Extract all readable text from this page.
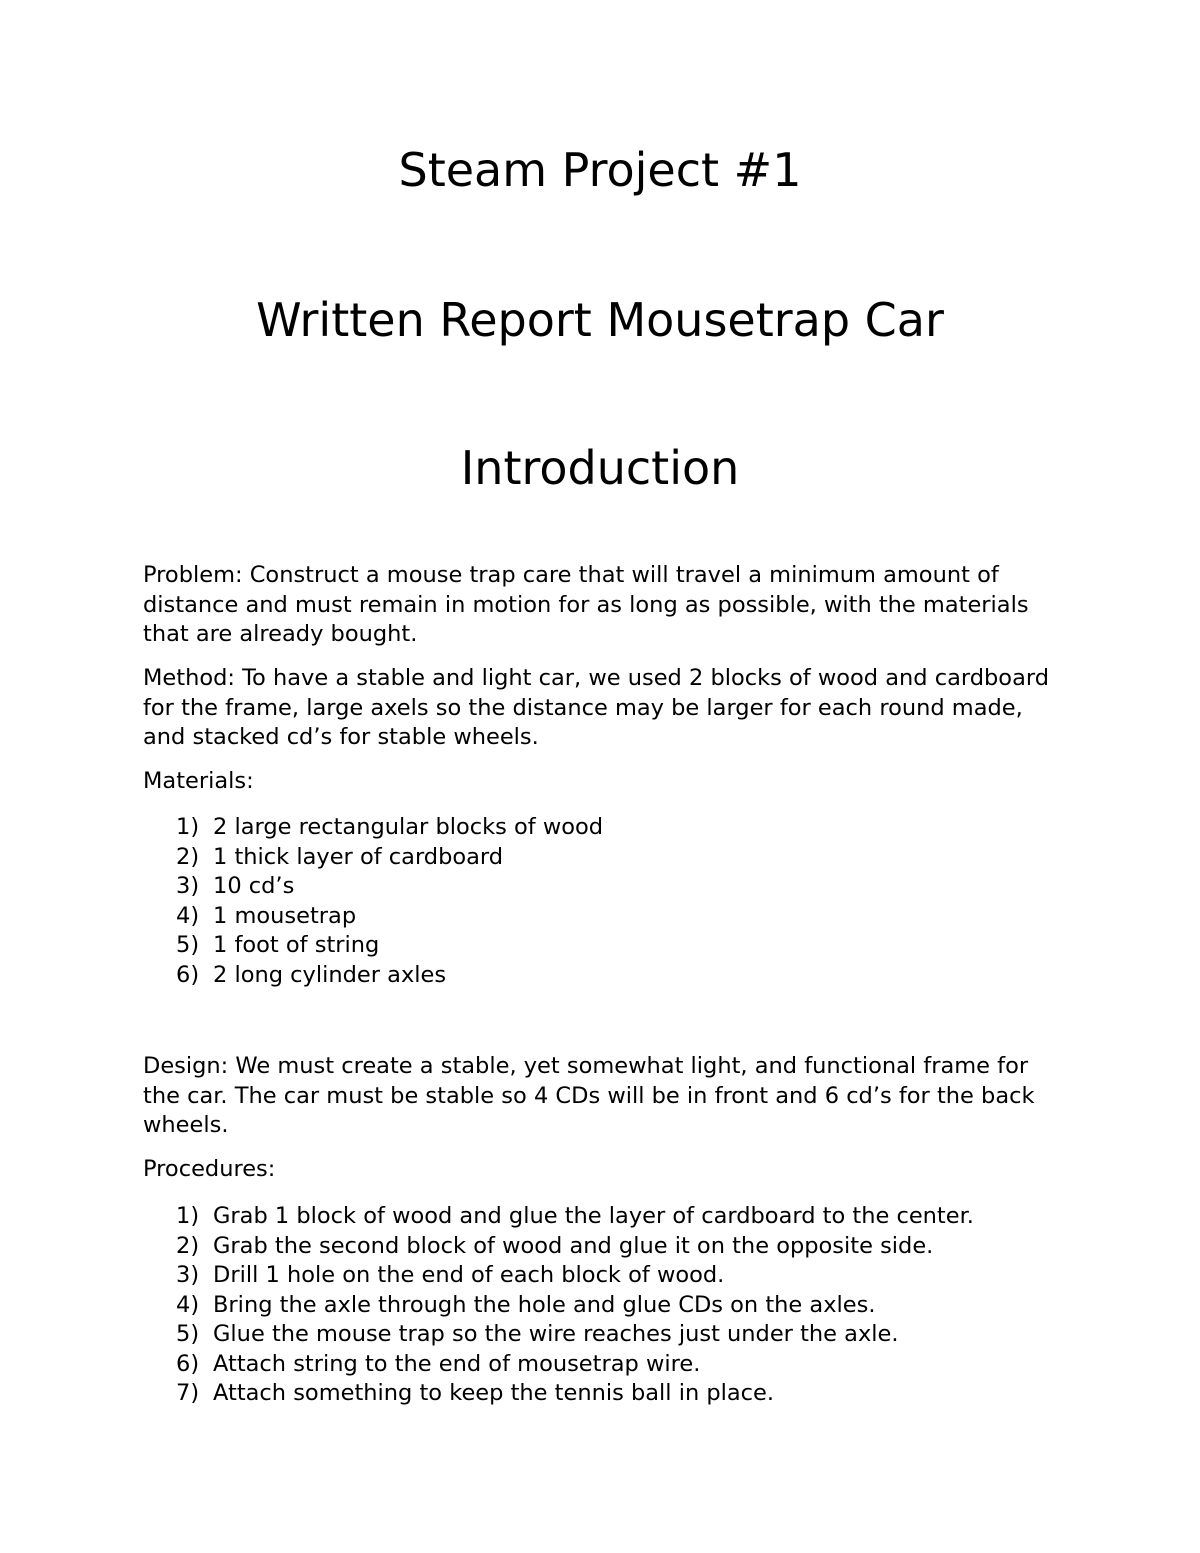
Steam Project #1
Written Report Mousetrap Car
Introduction

Problem: Construct a mouse trap care that will travel a minimum amount of distance and must remain in motion for as long as possible, with the materials that are already bought.

Method: To have a stable and light car, we used 2 blocks of wood and cardboard for the frame, large axels so the distance may be larger for each round made, and stacked cd’s for stable wheels.

Materials:

1) 2 large rectangular blocks of wood
2) 1 thick layer of cardboard
3) 10 cd’s
4) 1 mousetrap
5) 1 foot of string
6) 2 long cylinder axles

Design: We must create a stable, yet somewhat light, and functional frame for the car. The car must be stable so 4 CDs will be in front and 6 cd’s for the back wheels.

Procedures:

1) Grab 1 block of wood and glue the layer of cardboard to the center.
2) Grab the second block of wood and glue it on the opposite side.
3) Drill 1 hole on the end of each block of wood.
4) Bring the axle through the hole and glue CDs on the axles.
5) Glue the mouse trap so the wire reaches just under the axle.
6) Attach string to the end of mousetrap wire.
7) Attach something to keep the tennis ball in place.
